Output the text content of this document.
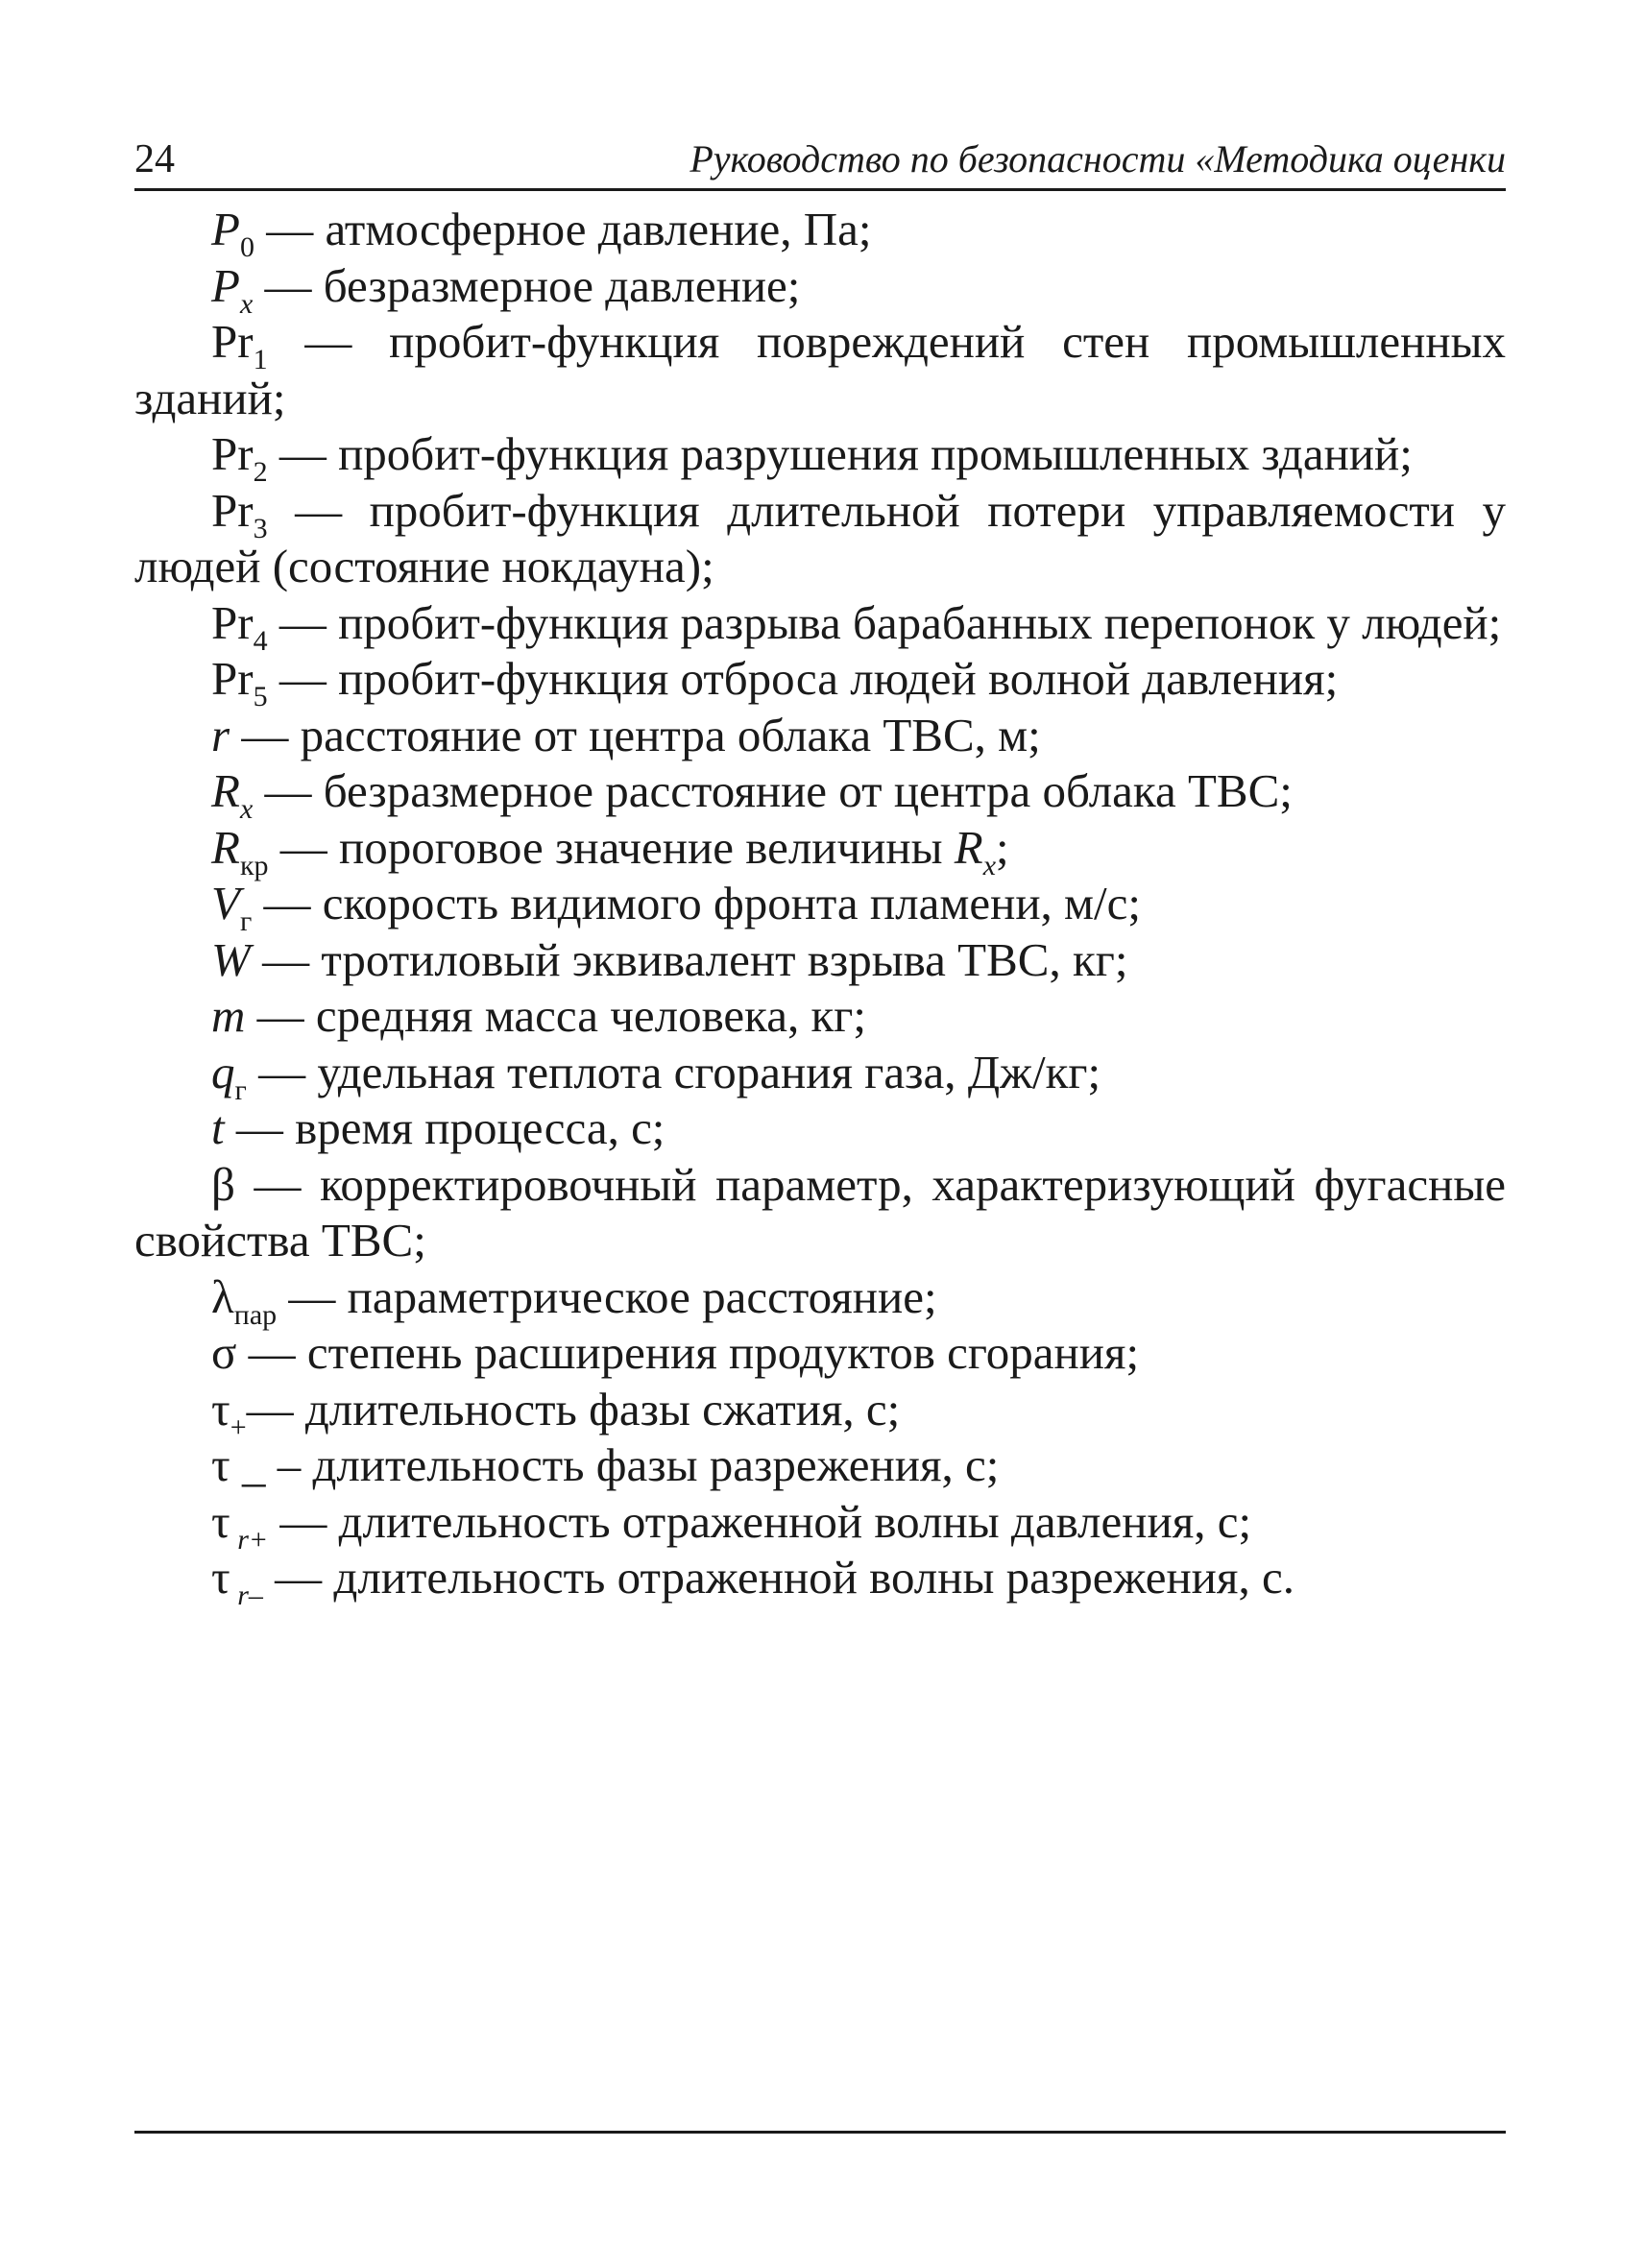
24	Руководство по безопасности «Методика оценки

$P_0$ — атмосферное давление, Па;

$P_x$ — безразмерное давление;

$Pr_1$ — пробит-функция повреждений стен промышленных зданий;

$Pr_2$ — пробит-функция разрушения промышленных зданий;

$Pr_3$ — пробит-функция длительной потери управляемости у людей (состояние нокдауна);

$Pr_4$ — пробит-функция разрыва барабанных перепонок у людей;

$Pr_5$ — пробит-функция отброса людей волной давления;

r — расстояние от центра облака ТВС, м;

$R_x$ — безразмерное расстояние от центра облака ТВС;

$R_{кр}$ — пороговое значение величины $R_x$;

$V_г$ — скорость видимого фронта пламени, м/с;

W — тротиловый эквивалент взрыва ТВС, кг;

m — средняя масса человека, кг;

$q_г$ — удельная теплота сгорания газа, Дж/кг;

t — время процесса, с;

β — корректировочный параметр, характеризующий фугасные свойства ТВС;

$\lambda_{пар}$ — параметрическое расстояние;

σ — степень расширения продуктов сгорания;

$\tau_+—$ длительность фазы сжатия, с;

τ _ – длительность фазы разрежения, с;

τ $_{r+}$ — длительность отраженной волны давления, с;

τ $_{r-}$ — длительность отраженной волны разрежения, с.
